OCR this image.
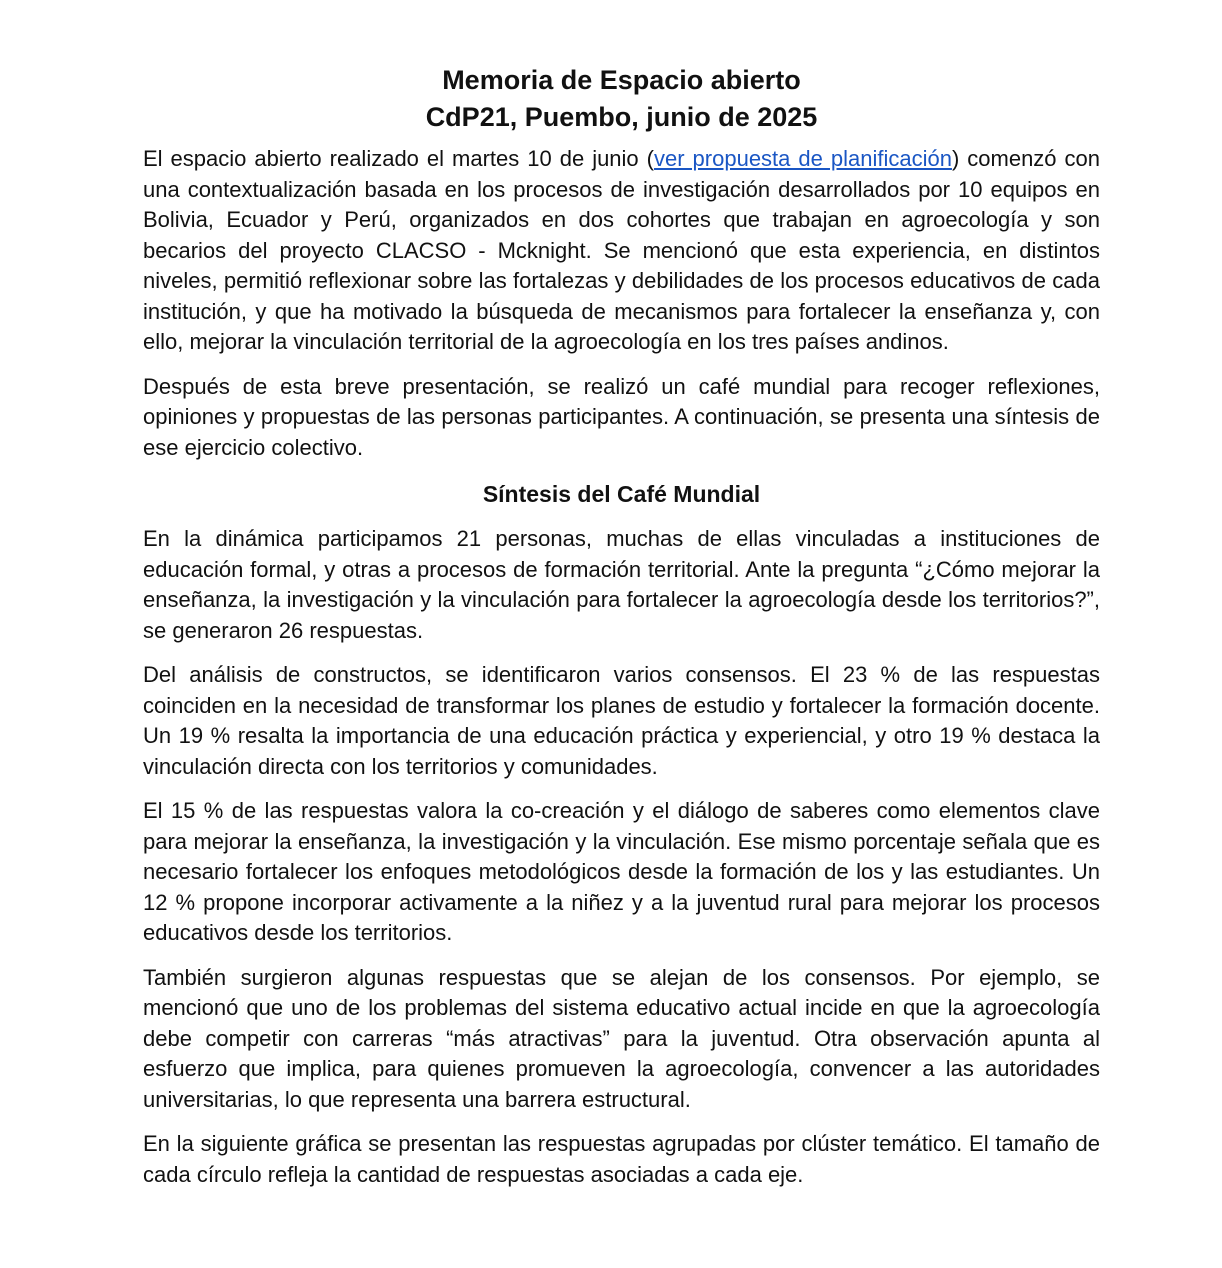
Memoria de Espacio abierto
CdP21, Puembo, junio de 2025

El espacio abierto realizado el martes 10 de junio (ver propuesta de planificación) comenzó con una contextualización basada en los procesos de investigación desarrollados por 10 equipos en Bolivia, Ecuador y Perú, organizados en dos cohortes que trabajan en agroecología y son becarios del proyecto CLACSO - Mcknight. Se mencionó que esta experiencia, en distintos niveles, permitió reflexionar sobre las fortalezas y debilidades de los procesos educativos de cada institución, y que ha motivado la búsqueda de mecanismos para fortalecer la enseñanza y, con ello, mejorar la vinculación territorial de la agroecología en los tres países andinos.

Después de esta breve presentación, se realizó un café mundial para recoger reflexiones, opiniones y propuestas de las personas participantes. A continuación, se presenta una síntesis de ese ejercicio colectivo.

Síntesis del Café Mundial

En la dinámica participamos 21 personas, muchas de ellas vinculadas a instituciones de educación formal, y otras a procesos de formación territorial. Ante la pregunta “¿Cómo mejorar la enseñanza, la investigación y la vinculación para fortalecer la agroecología desde los territorios?”, se generaron 26 respuestas.

Del análisis de constructos, se identificaron varios consensos. El 23 % de las respuestas coinciden en la necesidad de transformar los planes de estudio y fortalecer la formación docente. Un 19 % resalta la importancia de una educación práctica y experiencial, y otro 19 % destaca la vinculación directa con los territorios y comunidades.

El 15 % de las respuestas valora la co-creación y el diálogo de saberes como elementos clave para mejorar la enseñanza, la investigación y la vinculación. Ese mismo porcentaje señala que es necesario fortalecer los enfoques metodológicos desde la formación de los y las estudiantes. Un 12 % propone incorporar activamente a la niñez y a la juventud rural para mejorar los procesos educativos desde los territorios.

También surgieron algunas respuestas que se alejan de los consensos. Por ejemplo, se mencionó que uno de los problemas del sistema educativo actual incide en que la agroecología debe competir con carreras “más atractivas” para la juventud. Otra observación apunta al esfuerzo que implica, para quienes promueven la agroecología, convencer a las autoridades universitarias, lo que representa una barrera estructural.

En la siguiente gráfica se presentan las respuestas agrupadas por clúster temático. El tamaño de cada círculo refleja la cantidad de respuestas asociadas a cada eje.
